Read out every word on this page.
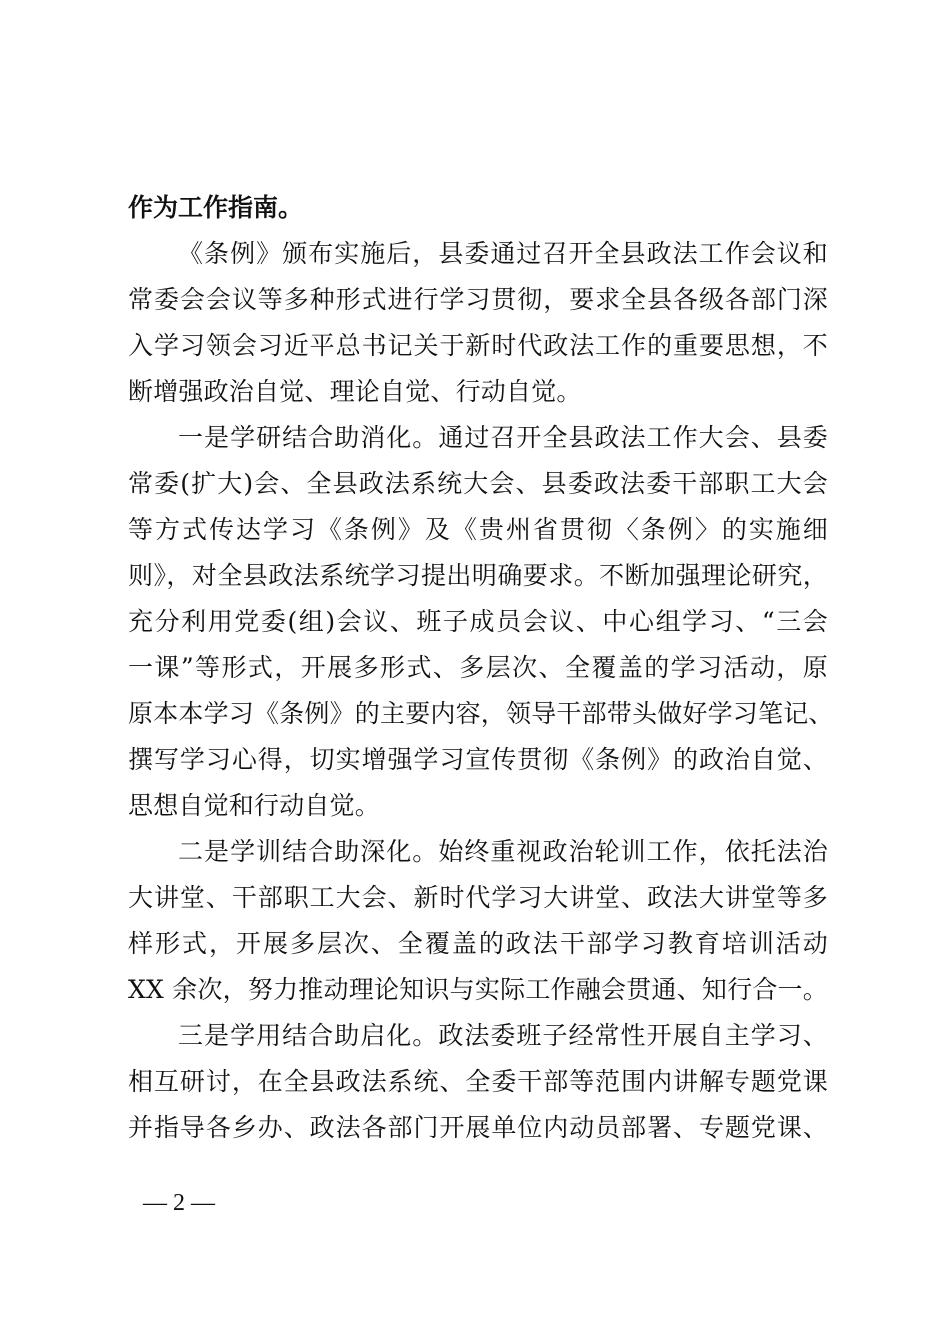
作为工作指南。
《条例》颁布实施后，县委通过召开全县政法工作会议和
常委会会议等多种形式进行学习贯彻，要求全县各级各部门深
入学习领会习近平总书记关于新时代政法工作的重要思想，不
断增强政治自觉、理论自觉、行动自觉。
一是学研结合助消化。通过召开全县政法工作大会、县委
常委(扩大)会、全县政法系统大会、县委政法委干部职工大会
等方式传达学习《条例》及《贵州省贯彻〈条例〉的实施细
则》，对全县政法系统学习提出明确要求。不断加强理论研究，
充分利用党委(组)会议、班子成员会议、中心组学习、“三会
一课”等形式，开展多形式、多层次、全覆盖的学习活动，原
原本本学习《条例》的主要内容，领导干部带头做好学习笔记、
撰写学习心得，切实增强学习宣传贯彻《条例》的政治自觉、
思想自觉和行动自觉。
二是学训结合助深化。始终重视政治轮训工作，依托法治
大讲堂、干部职工大会、新时代学习大讲堂、政法大讲堂等多
样形式，开展多层次、全覆盖的政法干部学习教育培训活动
XX 余次，努力推动理论知识与实际工作融会贯通、知行合一。
三是学用结合助启化。政法委班子经常性开展自主学习、
相互研讨，在全县政法系统、全委干部等范围内讲解专题党课
并指导各乡办、政法各部门开展单位内动员部署、专题党课、
— 2 —
